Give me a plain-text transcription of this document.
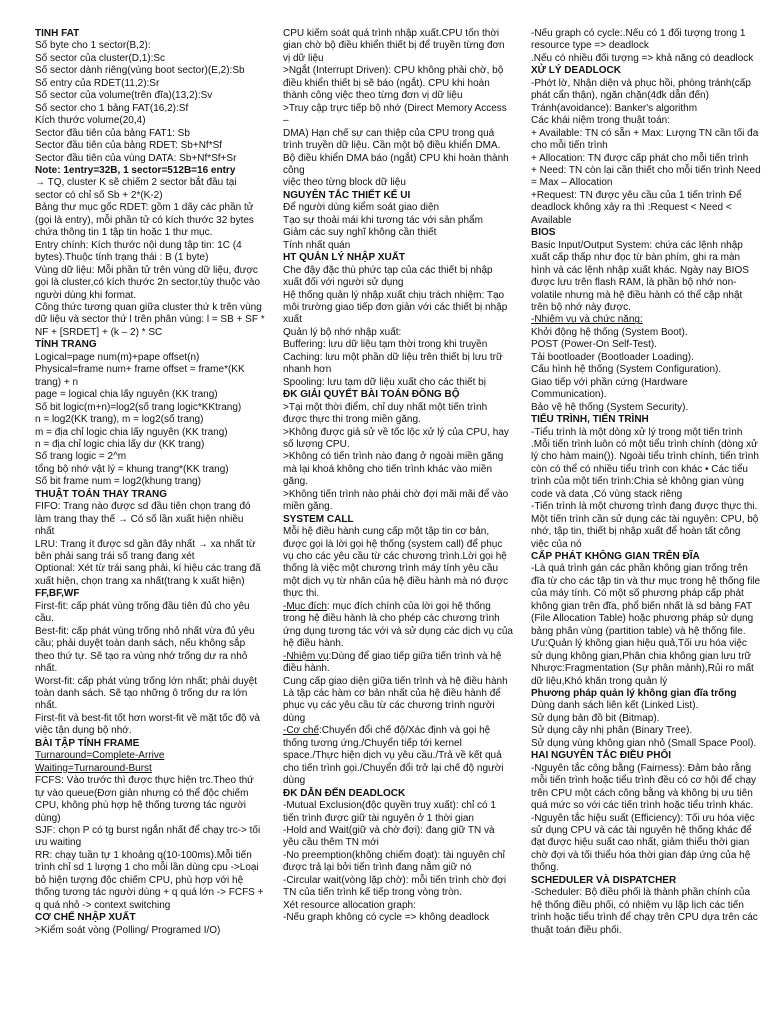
TÍNH FAT
Số byte cho 1 sector(B,2):
Số sector của cluster(D,1):Sc
Số sector dành riêng(vùng boot sector)(E,2):Sb
Số entry của RDET(11,2):Sr
Số sector của volume(trên đĩa)(13,2):Sv
Số sector cho 1 bảng FAT(16,2):Sf
Kích thước volume(20,4)
Sector đầu tiên của bảng FAT1: Sb
Sector đầu tiên của bảng RDET: Sb+Nf*Sf
Sector đầu tiên của vùng DATA: Sb+Nf*Sf+Sr
Note: 1entry=32B, 1 sector=512B=16 entry
→ TQ, cluster K sẽ chiếm 2 sector bắt đầu tại sector có chỉ số Sb + 2*(K-2)
Bảng thư mục gốc RDET: gồm 1 dãy các phần tử (gọi là entry), mỗi phần tử có kích thước 32 bytes chứa thông tin 1 tập tin hoặc 1 thư mục.
Entry chính: Kích thước nội dung tập tin: 1C (4 bytes).Thuộc tính trạng thái : B (1 byte)
Vùng dữ liệu: Mỗi phần tử trên vùng dữ liệu, được gọi là cluster,có kích thước 2n sector,tùy thuộc vào người dùng khi format.
Công thức tương quan giữa cluster thứ k trên vùng dữ liệu và sector thứ l trên phân vùng: l = SB + SF * NF + [SRDET] + (k – 2) * SC
TÍNH TRANG
Logical=page num(m)+pape offset(n)
Physical=frame num+ frame offset = frame*(KK trang) + n
page = logical chia lấy nguyên (KK trang)
Số bit logic(m+n)=log2(số trang logic*KKtrang)
n = log2(KK trang), m = log2(số trang)
m = địa chỉ logic chia lấy nguyên (KK trang)
n = địa chỉ logic chia lấy dư (KK trang)
Số trang logic = 2^m
tổng bộ nhớ vật lý = khung trang*(KK trang)
Số bit frame num = log2(khung trang)
THUẬT TOÁN THAY TRANG
FIFO: Trang nào được sd đầu tiên chọn trang đó làm trang thay thế → Có số lần xuất hiện nhiều nhất
LRU: Trang ít được sd gần đây nhất → xa nhất từ bên phải sang trái số trang đang xét
Optional: Xét từ trái sang phải, kí hiệu các trang đã xuất hiện, chọn trang xa nhất(trang k xuất hiện)
FF,BF,WF
First-fit: cấp phát vùng trống đầu tiên đủ cho yêu cầu.
Best-fit: cấp phát vùng trống nhỏ nhất vừa đủ yêu cầu; phải duyệt toàn danh sách, nếu không sắp theo thứ tự. Sẽ tạo ra vùng nhớ trống dư ra nhỏ nhất.
Worst-fit: cấp phát vùng trống lớn nhất; phải duyệt toàn danh sách. Sẽ tạo những ô trống dư ra lớn nhất.
First-fit và best-fit tốt hơn worst-fit về mặt tốc độ và việc tận dụng bộ nhớ.
BÀI TẬP TÍNH FRAME
Turnaround=Complete-Arrive
Waiting=Turnaround-Burst
FCFS: Vào trước thì được thực hiện trc.Theo thứ tự vào queue(Đơn giản nhưng có thể độc chiếm CPU, không phù hợp hệ thống tương tác người dùng)
SJF: chọn P có tg burst ngắn nhất để chạy trc-> tối ưu waiting
RR: chạy tuần tự 1 khoảng q(10-100ms).Mỗi tiến trình chỉ sd 1 lượng 1 cho mỗi lần dùng cpu ->Loại bỏ hiện tượng độc chiếm CPU, phù hợp với hệ thống tương tác người dùng + q quá lớn -> FCFS + q quá nhỏ -> context switching
CƠ CHẾ NHẬP XUẤT
>Kiểm soát vòng (Polling/ Programed I/O)
CPU kiểm soát quá trình nhập xuất.CPU tốn thời gian chờ bộ điều khiển thiết bị để truyền từng đơn vị dữ liệu
>Ngắt (Interrupt Driven): CPU không phải chờ, bộ điều khiển thiết bị sẽ báo (ngắt). CPU khi hoàn thành công việc theo từng đơn vị dữ liệu
>Truy cập trực tiếp bộ nhớ (Direct Memory Access –
DMA) Hạn chế sự can thiệp của CPU trong quá trình truyền dữ liệu. Cần một bộ điều khiển DMA. Bộ điều khiển DMA báo (ngắt) CPU khi hoàn thành công
việc theo từng block dữ liệu
NGUYÊN TẮC THIẾT KẾ UI
Để người dùng kiểm soát giao diện
Tạo sự thoải mái khi tương tác với sản phẩm
Giảm các suy nghĩ không cần thiết
Tính nhất quán
HT QUẢN LÝ NHẬP XUẤT
Che đậy đặc thù phức tạp của các thiết bị nhập xuất đối với người sử dụng
Hệ thống quản lý nhập xuất chịu trách nhiệm: Tạo môi trường giao tiếp đơn giản với các thiết bị nhập xuất
Quản lý bộ nhớ nhập xuất:
Buffering: lưu dữ liệu tạm thời trong khi truyền
Caching: lưu một phần dữ liệu trên thiết bị lưu trữ nhanh hơn
Spooling: lưu tạm dữ liệu xuất cho các thiết bị
ĐK GIẢI QUYẾT BÀI TOÁN ĐỒNG BỘ
>Tại một thời điểm, chỉ duy nhất một tiến trình được thực thi trong miền găng.
>Không được giả sử về tốc lộc xử lý của CPU, hay số lượng CPU.
>Không có tiến trình nào đang ở ngoài miền găng mà lại khoá không cho tiến trình khác vào miền găng.
>Không tiến trình nào phải chờ đợi mãi mãi để vào miền găng.
SYSTEM CALL
Mỗi hệ điều hành cung cấp một tập tin cơ bản, được gọi là lời gọi hệ thống (system call) để phục vụ cho các yêu cầu từ các chương trình.Lời gọi hệ thống là việc một chương trình máy tính yêu cầu một dịch vụ từ nhân của hệ điều hành mà nó được thực thi.
-Mục đích: mục đích chính của lời gọi hệ thống trong hệ điều hành là cho phép các chương trình ứng dụng tương tác với và sử dụng các dịch vụ của hệ điều hành.
-Nhiệm vụ:Dùng để giao tiếp giữa tiến trình và hệ điều hành.
Cung cấp giao diện giữa tiến trình và hệ điều hành
Là tập các hàm cơ bản nhất của hệ điều hành để phục vụ các yêu cầu từ các chương trình người dùng
-Cơ chế:Chuyển đổi chế độ/Xác định và gọi hệ thống tương ứng./Chuyển tiếp tới kernel space./Thực hiện dịch vụ yêu cầu./Trả về kết quả cho tiến trình gọi./Chuyển đổi trở lại chế độ người dùng
ĐK DẪN ĐẾN DEADLOCK
-Mutual Exclusion(độc quyền truy xuất): chỉ có 1 tiến trình được giữ tài nguyên ở 1 thời gian
-Hold and Wait(giữ và chờ đợi): đang giữ TN và yêu cầu thêm TN mới
-No preemption(không chiếm đoạt): tài nguyên chỉ được trả lại bởi tiến trình đang nắm giữ nó
-Circular wait(vòng lặp chờ): mỗi tiến trình chờ đợi TN của tiến trình kế tiếp trong vòng tròn.
Xét resource allocation graph:
-Nếu graph không có cycle => không deadlock
-Nếu graph có cycle:.Nếu có 1 đối tượng trong 1 resource type => deadlock
.Nếu có nhiều đối tượng => khả năng có deadlock
XỬ LÝ DEADLOCK
-Phớt lờ, Nhận diện và phục hồi, phòng tránh(cấp phát cẩn thận), ngăn chặn(4đk dẫn đến) Tránh(avoidance): Banker's algorithm
Các khái niệm trong thuật toán:
+ Available: TN có sẵn + Max: Lượng TN cần tối đa cho mỗi tiến trình
+ Allocation: TN được cấp phát cho mỗi tiến trình
+ Need: TN còn lại cần thiết cho mỗi tiến trình Need = Max – Allocation
+Request: TN được yêu cầu của 1 tiến trình Để deadlock không xảy ra thì :Request < Need < Available
BIOS
Basic Input/Output System: chứa các lệnh nhập xuất cấp thấp như đọc từ bàn phím, ghi ra màn hình và các lệnh nhập xuất khác. Ngày nay BIOS được lưu trên flash RAM, là phần bộ nhớ non-volatile nhưng mà hệ điều hành có thể cập nhật trên bộ nhớ này được.
-Nhiệm vụ và chức năng:
Khởi động hệ thống (System Boot).
POST (Power-On Self-Test).
Tải bootloader (Bootloader Loading).
Cấu hình hệ thống (System Configuration).
Giao tiếp với phần cứng (Hardware Communication).
Bảo vệ hệ thống (System Security).
TIẾU TRÌNH, TIẾN TRÌNH
-Tiểu trình là một dòng xử lý trong một tiến trình .Mỗi tiến trình luôn có một tiểu trình chính (dòng xử lý cho hàm main()). Ngoài tiểu trình chính, tiến trình còn có thể có nhiều tiểu trình con khác • Các tiểu trình của một tiến trình:Chia sẻ không gian vùng code và data ,Có vùng stack riêng
-Tiến trình là một chương trình đang được thực thi. Một tiến trình cần sử dụng các tài nguyên: CPU, bộ nhớ, tập tin, thiết bị nhập xuất để hoàn tất công việc của nó
CẤP PHÁT KHÔNG GIAN TRÊN ĐĨA
-Là quá trình gán các phần không gian trống trên đĩa từ cho các tập tin và thư mục trong hệ thống file của máy tính. Có một số phương pháp cấp phát không gian trên đĩa, phổ biến nhất là sd bảng FAT (File Allocation Table) hoặc phương pháp sử dụng bảng phân vùng (partition table) và hệ thống file.
Ưu:Quản lý không gian hiệu quả,Tối ưu hóa việc sử dụng không gian,Phân chia không gian lưu trữ
Nhược:Fragmentation (Sự phân mảnh),Rủi ro mất dữ liệu,Khó khăn trong quản lý
Phương pháp quản lý không gian đĩa trống
Dùng danh sách liên kết (Linked List).
Sử dụng bản đồ bit (Bitmap).
Sử dụng cây nhị phân (Binary Tree).
Sử dụng vùng không gian nhỏ (Small Space Pool).
HAI NGUYÊN TẮC ĐIỀU PHỐI
-Nguyên tắc công bằng (Fairness): Đảm bảo rằng mỗi tiến trình hoặc tiểu trình đều có cơ hội để chạy trên CPU một cách công bằng và không bị ưu tiên quá mức so với các tiến trình hoặc tiểu trình khác.
-Nguyên tắc hiệu suất (Efficiency): Tối ưu hóa việc sử dụng CPU và các tài nguyên hệ thống khác để đạt được hiệu suất cao nhất, giảm thiểu thời gian chờ đợi và tối thiểu hóa thời gian đáp ứng của hệ thống.
SCHEDULER VÀ DISPATCHER
-Scheduler: Bộ điều phối là thành phần chính của hệ thống điều phối, có nhiệm vụ lập lịch các tiến trình hoặc tiểu trình để chạy trên CPU dựa trên các thuật toán điều phối.
